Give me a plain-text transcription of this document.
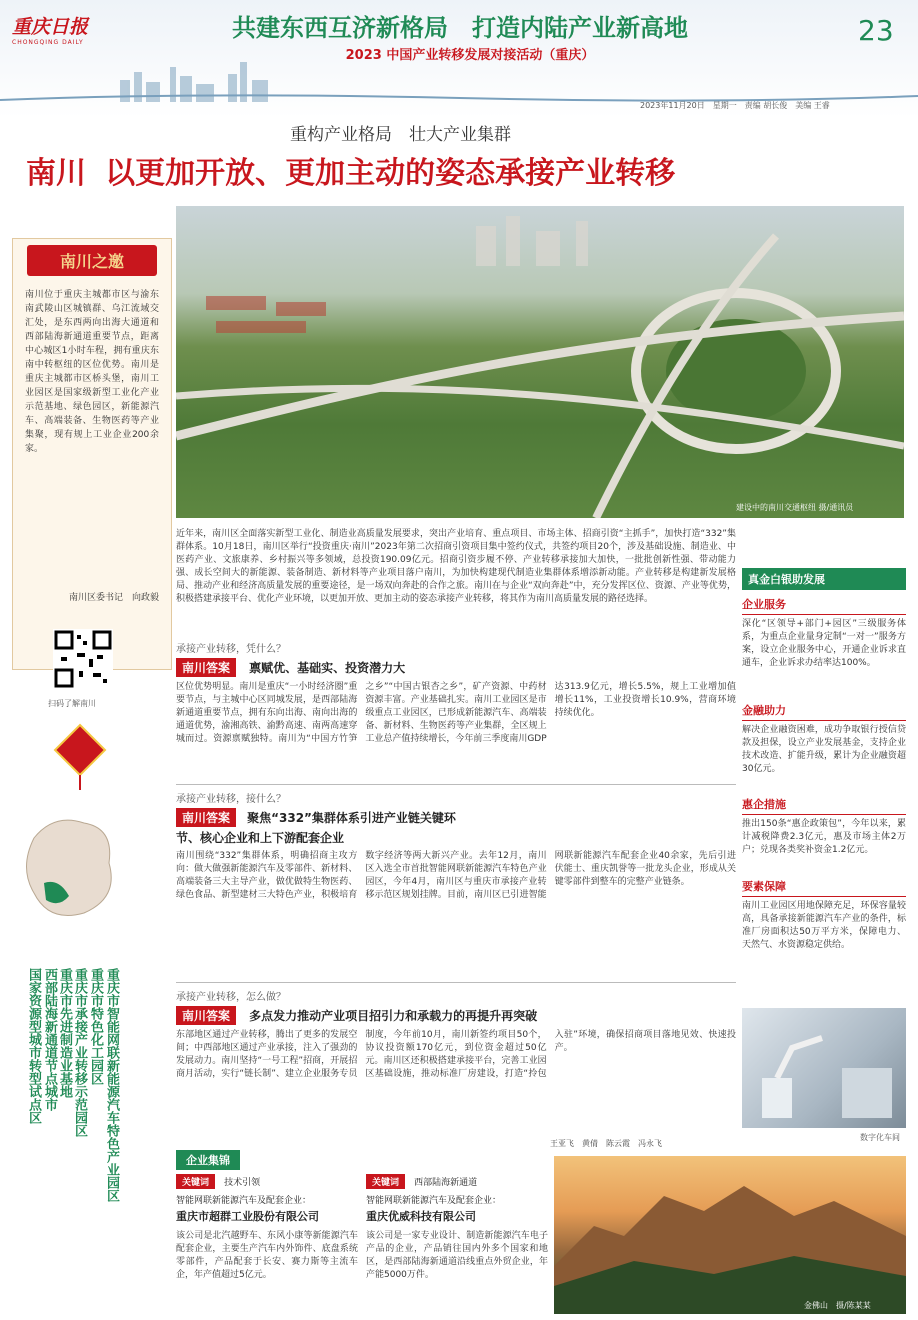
重庆日报
CHONGQING DAILY
共建东西互济新格局　打造内陆产业新高地
2023 中国产业转移发展对接活动（重庆）
23
2023年11月20日　星期一　责编 胡长俊　美编 王睿
重构产业格局　壮大产业集群
南川 以更加开放、更加主动的姿态承接产业转移
建设中的南川交通枢纽 摄/通讯员
南川之邀
南川位于重庆主城都市区与渝东南武陵山区城镇群、乌江流域交汇处，是东西两向出海大通道和西部陆海新通道重要节点，距离中心城区1小时车程，拥有重庆东南中转枢纽的区位优势。南川是重庆主城都市区桥头堡，南川工业园区是国家级新型工业化产业示范基地、绿色园区，新能源汽车、高端装备、生物医药等产业集聚，现有规上工业企业200余家。
南川区委书记　向政毅
扫码了解南川
国家资源型城市转型试点区	重庆市智能网联新能源汽车特色产业园区
西部陆海新通道节点城市 重庆市特色化工园区
重庆市承接产业转移示范园区
重庆市先进制造业基地
近年来，南川区全面落实新型工业化、制造业高质量发展要求，突出产业培育、重点项目、市场主体、招商引资“主抓手”，加快打造“332”集群体系。10月18日，南川区举行“投资重庆·南川”2023年第二次招商引资项目集中签约仪式，共签约项目20个，涉及基础设施、制造业、中医药产业、文旅康养、乡村振兴等多领域，总投资190.09亿元。招商引资步履不停、产业转移承接加大加快，一批批创新性强、带动能力强、成长空间大的新能源、装备制造、新材料等产业项目落户南川，为加快构建现代制造业集群体系增添新动能。产业转移是构建新发展格局、推动产业和经济高质量发展的重要途径，是一场双向奔赴的合作之旅。南川在与企业“双向奔赴”中，充分发挥区位、资源、产业等优势，积极搭建承接平台、优化产业环境，以更加开放、更加主动的姿态承接产业转移，将其作为南川高质量发展的路径选择。
承接产业转移，凭什么？
南川答案 禀赋优、基础实、投资潜力大
区位优势明显。南川是重庆“一小时经济圈”重要节点，与主城中心区同城发展，是西部陆海新通道重要节点，拥有东向出海、南向出海的通道优势，渝湘高铁、渝黔高速、南两高速穿城而过。资源禀赋独特。南川为“中国方竹笋之乡”“中国古银杏之乡”，矿产资源、中药材资源丰富。产业基础扎实。南川工业园区是市级重点工业园区，已形成新能源汽车、高端装备、新材料、生物医药等产业集群，全区规上工业总产值持续增长，今年前三季度南川GDP达313.9亿元，增长5.5%，规上工业增加值增长11%，工业投资增长10.9%，营商环境持续优化。
承接产业转移，接什么？
南川答案 聚焦“332”集群体系引进产业链关键环节、核心企业和上下游配套企业
南川围绕“332”集群体系，明确招商主攻方向：做大做强新能源汽车及零部件、新材料、高端装备三大主导产业，做优做特生物医药、绿色食品、新型建材三大特色产业，积极培育数字经济等两大新兴产业。去年12月，南川区入选全市首批智能网联新能源汽车特色产业园区，今年4月，南川区与重庆市承接产业转移示范区规划挂牌。目前，南川区已引进智能网联新能源汽车配套企业40余家，先后引进伏能士、重庆凯誉等一批龙头企业，形成从关键零部件到整车的完整产业链条。
承接产业转移，怎么做？
南川答案 多点发力推动产业项目招引力和承载力的再提升再突破
东部地区通过产业转移，腾出了更多的发展空间；中西部地区通过产业承接，注入了强劲的发展动力。南川坚持“一号工程”招商，开展招商月活动，实行“链长制”、建立企业服务专员制度，今年前10月，南川新签约项目50个，协议投资额170亿元，到位资金超过50亿元。南川区还积极搭建承接平台，完善工业园区基础设施，推动标准厂房建设，打造“拎包入驻”环境，确保招商项目落地见效、快速投产。
王亚飞　黄倩　陈云霞　冯永飞
真金白银助发展
企业服务
深化“区领导+部门+园区”三级服务体系，为重点企业量身定制“一对一”服务方案，设立企业服务中心，开通企业诉求直通车，企业诉求办结率达100%。
金融助力
解决企业融资困难，成功争取银行授信贷款及担保，设立产业发展基金，支持企业技术改造、扩能升级，累计为企业融资超30亿元。
惠企措施
推出150条“惠企政策包”，今年以来，累计减税降费2.3亿元，惠及市场主体2万户；兑现各类奖补资金1.2亿元。
要素保障
南川工业园区用地保障充足，环保容量较高，具备承接新能源汽车产业的条件，标准厂房面积达50万平方米，保障电力、天然气、水资源稳定供给。
数字化车间
企业集锦
关键词 技术引领
智能网联新能源汽车及配套企业：
重庆市超群工业股份有限公司
该公司是北汽越野车、东风小康等新能源汽车配套企业，主要生产汽车内外饰件、底盘系统零部件，产品配套于长安、赛力斯等主流车企，年产值超过5亿元。
关键词 西部陆海新通道
智能网联新能源汽车及配套企业：
重庆优威科技有限公司
该公司是一家专业设计、制造新能源汽车电子产品的企业，产品销往国内外多个国家和地区，是西部陆海新通道沿线重点外贸企业，年产能5000万件。
金佛山　摄/陈某某
